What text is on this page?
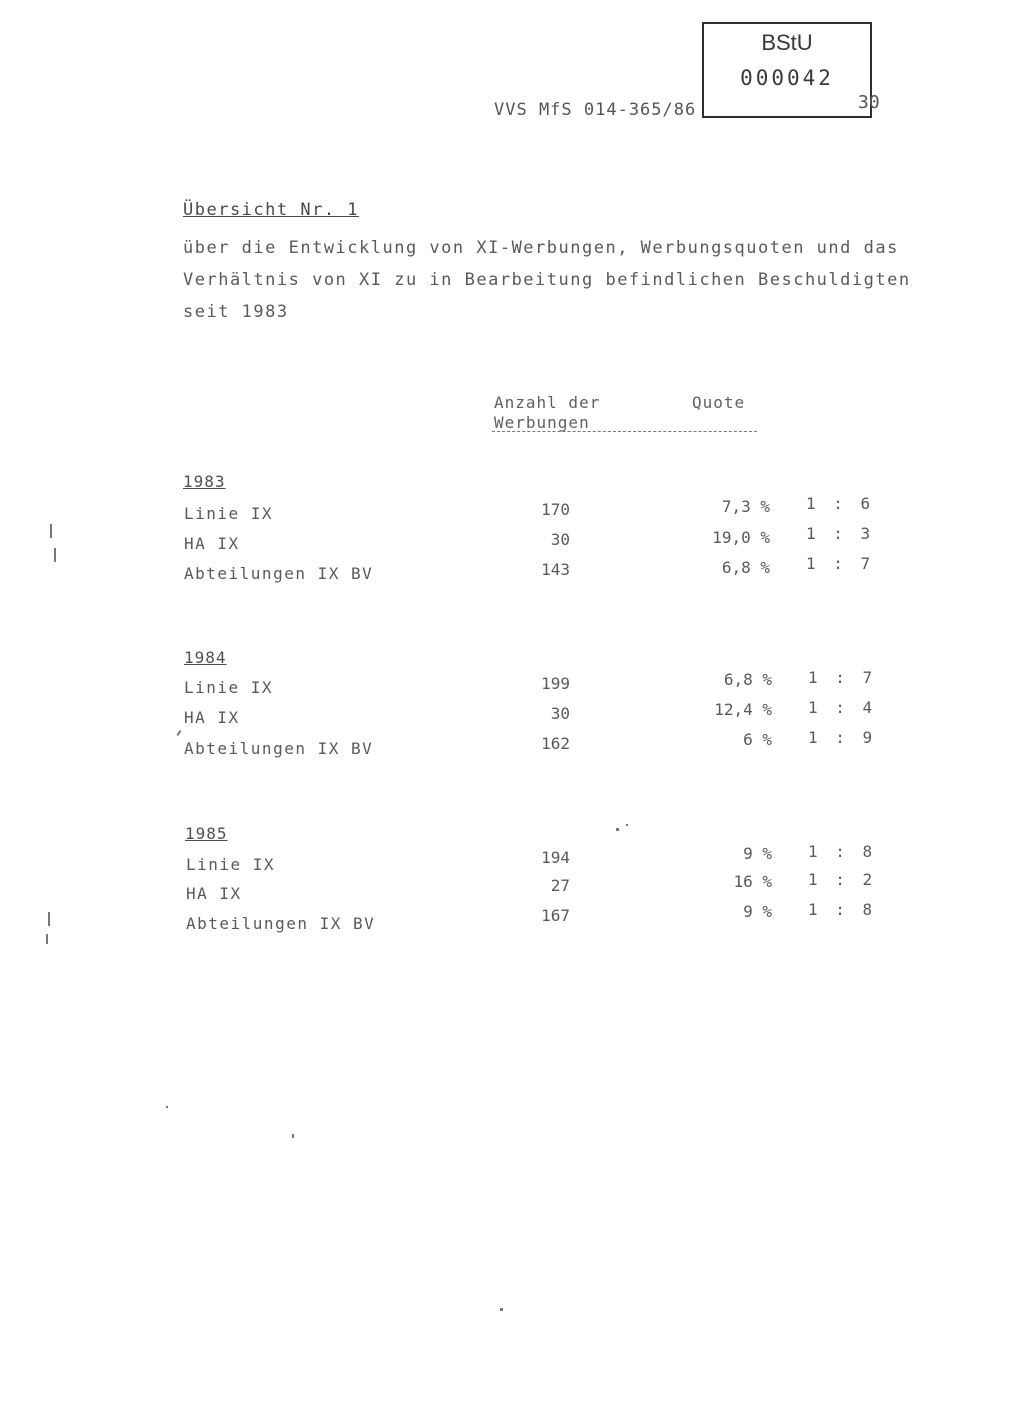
BStU
000042
VVS MfS 014-365/86	30
Übersicht Nr. 1
über die Entwicklung von XI-Werbungen, Werbungsquoten und das
Verhältnis von XI zu in Bearbeitung befindlichen Beschuldigten
seit 1983
Anzahl der
Werbungen
Quote
1983
Linie IX	170	7,3 % 1 : 6
HA IX	30	19,0 % 1 : 3
Abteilungen IX BV	143	6,8 % 1 : 7
1984
Linie IX	199	6,8 % 1 : 7
HA IX	30	12,4 % 1 : 4
Abteilungen IX BV	162	6 % 1 : 9
1985
Linie IX	194	9 % 1 : 8
HA IX	27	16 % 1 : 2
Abteilungen IX BV	167	9 % 1 : 8
